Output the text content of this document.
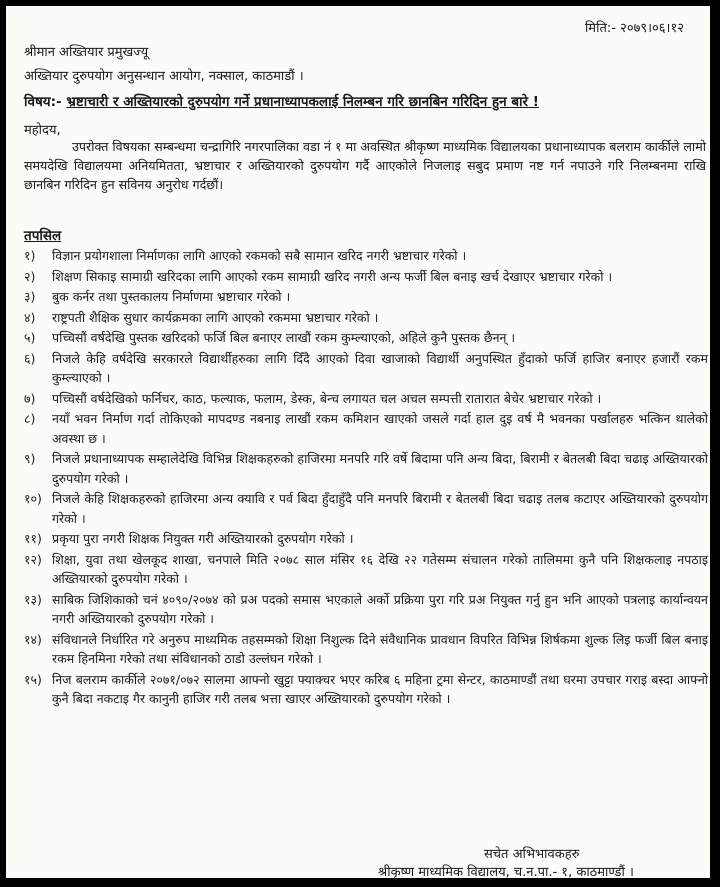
मिति:- २०७९।०६।१२
श्रीमान अख्तियार प्रमुखज्यू
अख्तियार दुरुपयोग अनुसन्धान आयोग, नक्साल, काठमाडौं ।
विषय:- भ्रष्टाचारी र अख्तियारको दुरुपयोग गर्ने प्रधानाध्यापकलाई निलम्बन गरि छानबिन गरिदिन हुन बारे !
महोदय,
उपरोक्त विषयका सम्बन्धमा चन्द्रागिरि नगरपालिका वडा नं १ मा अवस्थित श्रीकृष्ण माध्यमिक विद्यालयका प्रधानाध्यापक बलराम कार्कीले लामो समयदेखि विद्यालयमा अनियमितता, भ्रष्टाचार र अख्तियारको दुरुपयोग गर्दै आएकोले निजलाइ सबुद प्रमाण नष्ट गर्न नपाउने गरि निलम्बनमा राखि छानबिन गरिदिन हुन सविनय अनुरोध गर्दछौं।
तपसिल
१)	विज्ञान प्रयोगशाला निर्माणका लागि आएको रकमको सबै सामान खरिद नगरी भ्रष्टाचार गरेको ।
२)	शिक्षण सिकाइ सामाग्री खरिदका लागि आएको रकम सामाग्री खरिद नगरी अन्य फर्जी बिल बनाइ खर्च देखाएर भ्रष्टाचार गरेको ।
३)	बुक कर्नर तथा पुस्तकालय निर्माणमा भ्रष्टाचार गरेको ।
४)	राष्ट्रपती शैक्षिक सुधार कार्यक्रमका लागि आएको रकममा भ्रष्टाचार गरेको ।
५)	पच्चिसौं वर्षदेखि पुस्तक खरिदको फर्जि बिल बनाएर लाखौं रकम कुम्ल्याएको, अहिले कुनै पुस्तक छैनन् ।
६)	निजले केहि वर्षदेखि सरकारले विद्यार्थीहरुका लागि दिँदै आएको दिवा खाजाको विद्यार्थी अनुपस्थित हुँदाको फर्जि हाजिर बनाएर हजारौं रकम कुम्ल्याएको ।
७)	पच्चिसौं वर्षदेखिको फर्निचर, काठ, फल्याक, फलाम, डेस्क, बेन्च लगायत चल अचल सम्पत्ती रातारात बेचेर भ्रष्टाचार गरेको ।
८)	नयाँ भवन निर्माण गर्दा तोकिएको मापदण्ड नबनाइ लाखौं रकम कमिशन खाएको जसले गर्दा हाल दुइ वर्ष मै भवनका पर्खालहरु भत्किन थालेको अवस्था छ ।
९)	निजले प्रधानाध्यापक सम्हालेदेखि विभिन्न शिक्षकहरुको हाजिरमा मनपरि गरि वर्षे बिदामा पनि अन्य बिदा, बिरामी र बेतलबी बिदा चढाइ अख्तियारको दुरुपयोग गरेको ।
१०) निजले केहि शिक्षकहरुको हाजिरमा अन्य क्यावि र पर्व बिदा हुँदाहुँदै पनि मनपरि बिरामी र बेतलबी बिदा चढाइ तलब कटाएर अख्तियारको दुरुपयोग गरेको ।
११) प्रकृया पुरा नगरी शिक्षक नियुक्त गरी अख्तियारको दुरुपयोग गरेको ।
१२) शिक्षा, युवा तथा खेलकूद शाखा, चनपाले मिति २०७८ साल मंसिर १६ देखि २२ गतेसम्म संचालन गरेको तालिममा कुनै पनि शिक्षकलाइ नपठाइ अख्तियारको दुरुपयोग गरेको ।
१३) साबिक जिशिकाको चनं ४०९०/२०७४ को प्रअ पदको समास भएकाले अर्को प्रक्रिया पुरा गरि प्रअ नियुक्त गर्नु हुन भनि आएको पत्रलाइ कार्यान्वयन नगरी अख्तियारको दुरुपयोग गरेको ।
१४) संविधानले निर्धारित गरे अनुरुप माध्यमिक तहसम्मको शिक्षा निशुल्क दिने संवैधानिक प्रावधान विपरित विभिन्न शिर्षकमा शुल्क लिइ फर्जी बिल बनाइ रकम हिनमिना गरेको तथा संविधानको ठाडो उल्लंघन गरेको ।
१५) निज बलराम कार्कीले २०७१/०७२ सालमा आफ्नो खुट्टा फ्याक्चर भएर करिब ६ महिना ट्रमा सेन्टर, काठमाण्डौं तथा घरमा उपचार गराइ बस्दा आफ्नो कुनै बिदा नकटाइ गैर कानुनी हाजिर गरी तलब भत्ता खाएर अख्तियारको दुरुपयोग गरेको ।
सचेत अभिभावकहरु
श्रीकृष्ण माध्यमिक विद्यालय, च.न.पा.- १, काठमाण्डौं ।
